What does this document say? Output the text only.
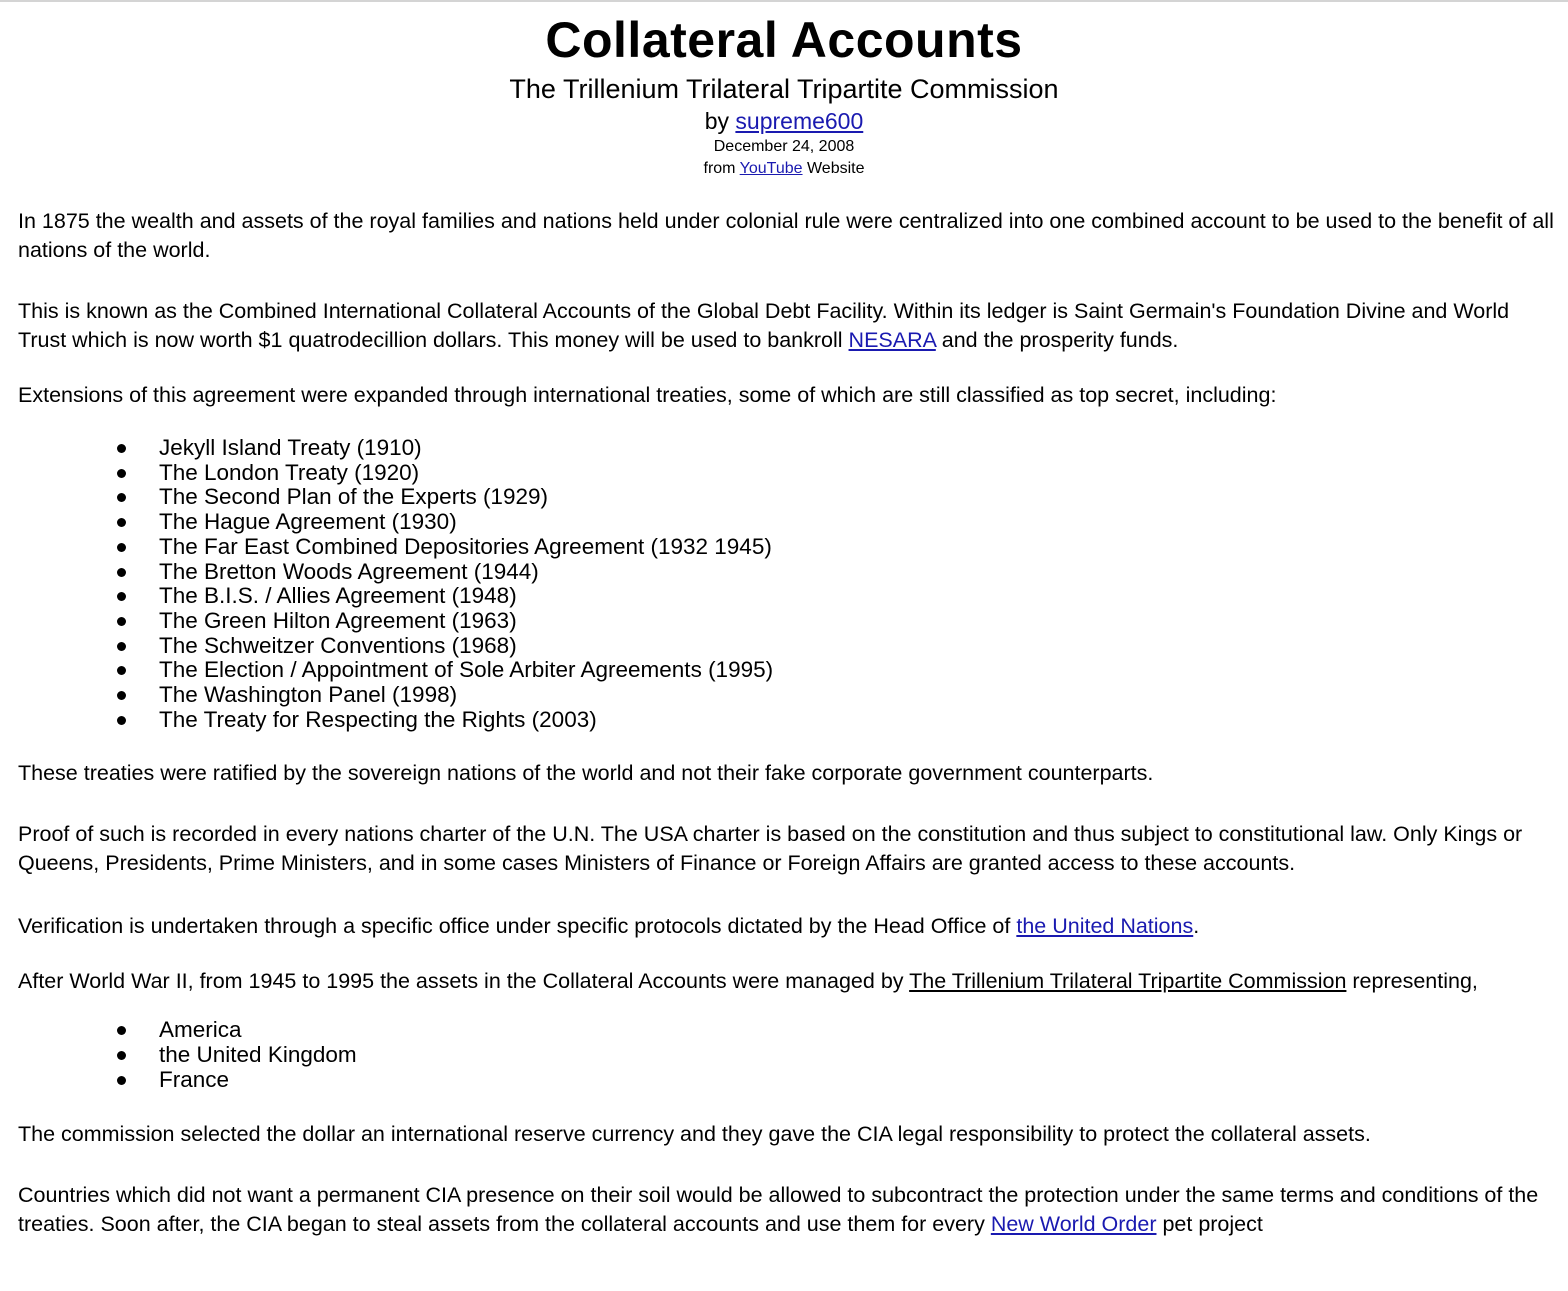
Collateral Accounts
The Trillenium Trilateral Tripartite Commission
by supreme600
December 24, 2008
from YouTube Website

In 1875 the wealth and assets of the royal families and nations held under colonial rule were centralized into one combined account to be used to the benefit of all nations of the world.

This is known as the Combined International Collateral Accounts of the Global Debt Facility. Within its ledger is Saint Germain's Foundation Divine and World Trust which is now worth $1 quatrodecillion dollars. This money will be used to bankroll NESARA and the prosperity funds.

Extensions of this agreement were expanded through international treaties, some of which are still classified as top secret, including:

Jekyll Island Treaty (1910)
The London Treaty (1920)
The Second Plan of the Experts (1929)
The Hague Agreement (1930)
The Far East Combined Depositories Agreement (1932 1945)
The Bretton Woods Agreement (1944)
The B.I.S. / Allies Agreement (1948)
The Green Hilton Agreement (1963)
The Schweitzer Conventions (1968)
The Election / Appointment of Sole Arbiter Agreements (1995)
The Washington Panel (1998)
The Treaty for Respecting the Rights (2003)

These treaties were ratified by the sovereign nations of the world and not their fake corporate government counterparts.

Proof of such is recorded in every nations charter of the U.N. The USA charter is based on the constitution and thus subject to constitutional law. Only Kings or Queens, Presidents, Prime Ministers, and in some cases Ministers of Finance or Foreign Affairs are granted access to these accounts.

Verification is undertaken through a specific office under specific protocols dictated by the Head Office of the United Nations.

After World War II, from 1945 to 1995 the assets in the Collateral Accounts were managed by The Trillenium Trilateral Tripartite Commission representing,

America
the United Kingdom
France

The commission selected the dollar an international reserve currency and they gave the CIA legal responsibility to protect the collateral assets.

Countries which did not want a permanent CIA presence on their soil would be allowed to subcontract the protection under the same terms and conditions of the treaties. Soon after, the CIA began to steal assets from the collateral accounts and use them for every New World Order pet project
